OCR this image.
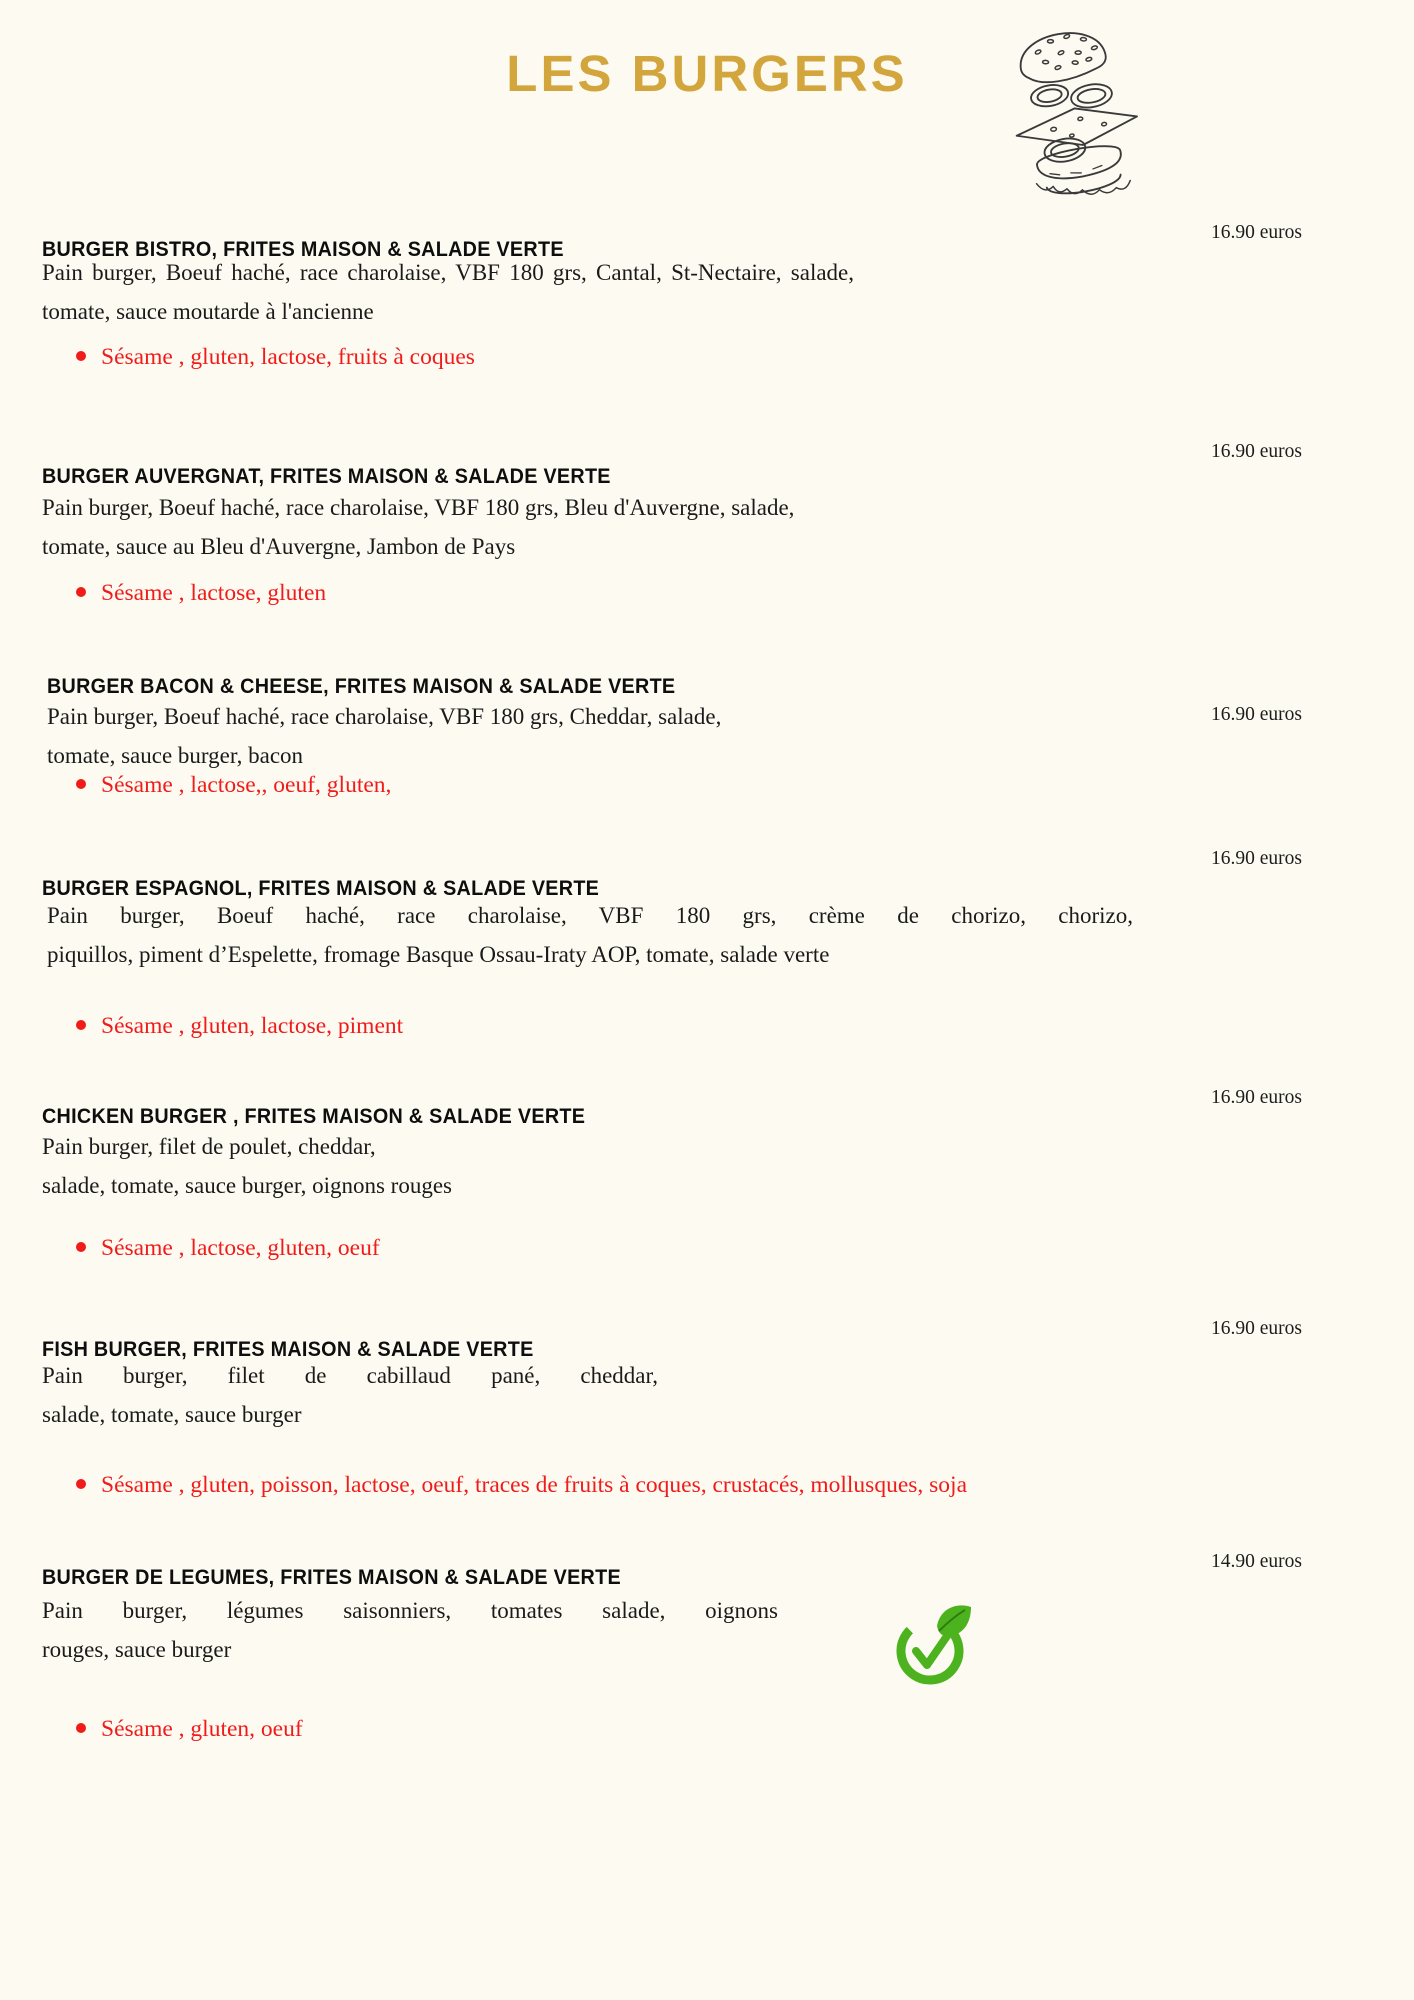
LES BURGERS
BURGER BISTRO, FRITES MAISON & SALADE VERTE
16.90 euros
Pain burger, Boeuf haché, race charolaise, VBF 180 grs, Cantal, St-Nectaire, salade,
tomate, sauce moutarde à l'ancienne
Sésame , gluten, lactose, fruits à coques
BURGER AUVERGNAT, FRITES MAISON & SALADE VERTE
16.90 euros
Pain burger, Boeuf haché, race charolaise, VBF 180 grs, Bleu d'Auvergne, salade,
tomate, sauce au Bleu d'Auvergne, Jambon de Pays
Sésame , lactose, gluten
BURGER BACON & CHEESE, FRITES MAISON & SALADE VERTE
16.90 euros
Pain burger, Boeuf haché, race charolaise, VBF 180 grs, Cheddar, salade,
tomate, sauce burger, bacon
Sésame , lactose,, oeuf, gluten,
BURGER ESPAGNOL, FRITES MAISON & SALADE VERTE
16.90 euros
Pain burger, Boeuf haché, race charolaise, VBF 180 grs, crème de chorizo, chorizo,
piquillos, piment d’Espelette, fromage Basque Ossau-Iraty AOP, tomate, salade verte
Sésame , gluten, lactose, piment
CHICKEN BURGER , FRITES MAISON & SALADE VERTE
16.90 euros
Pain burger, filet de poulet, cheddar,
salade, tomate, sauce burger, oignons rouges
Sésame , lactose, gluten, oeuf
FISH BURGER, FRITES MAISON & SALADE VERTE
16.90 euros
Pain burger, filet de cabillaud pané, cheddar,
salade, tomate, sauce burger
Sésame , gluten, poisson, lactose, oeuf, traces de fruits à coques, crustacés, mollusques, soja
BURGER DE LEGUMES, FRITES MAISON & SALADE VERTE
14.90 euros
Pain burger, légumes saisonniers, tomates salade, oignons
rouges, sauce burger
Sésame , gluten, oeuf
